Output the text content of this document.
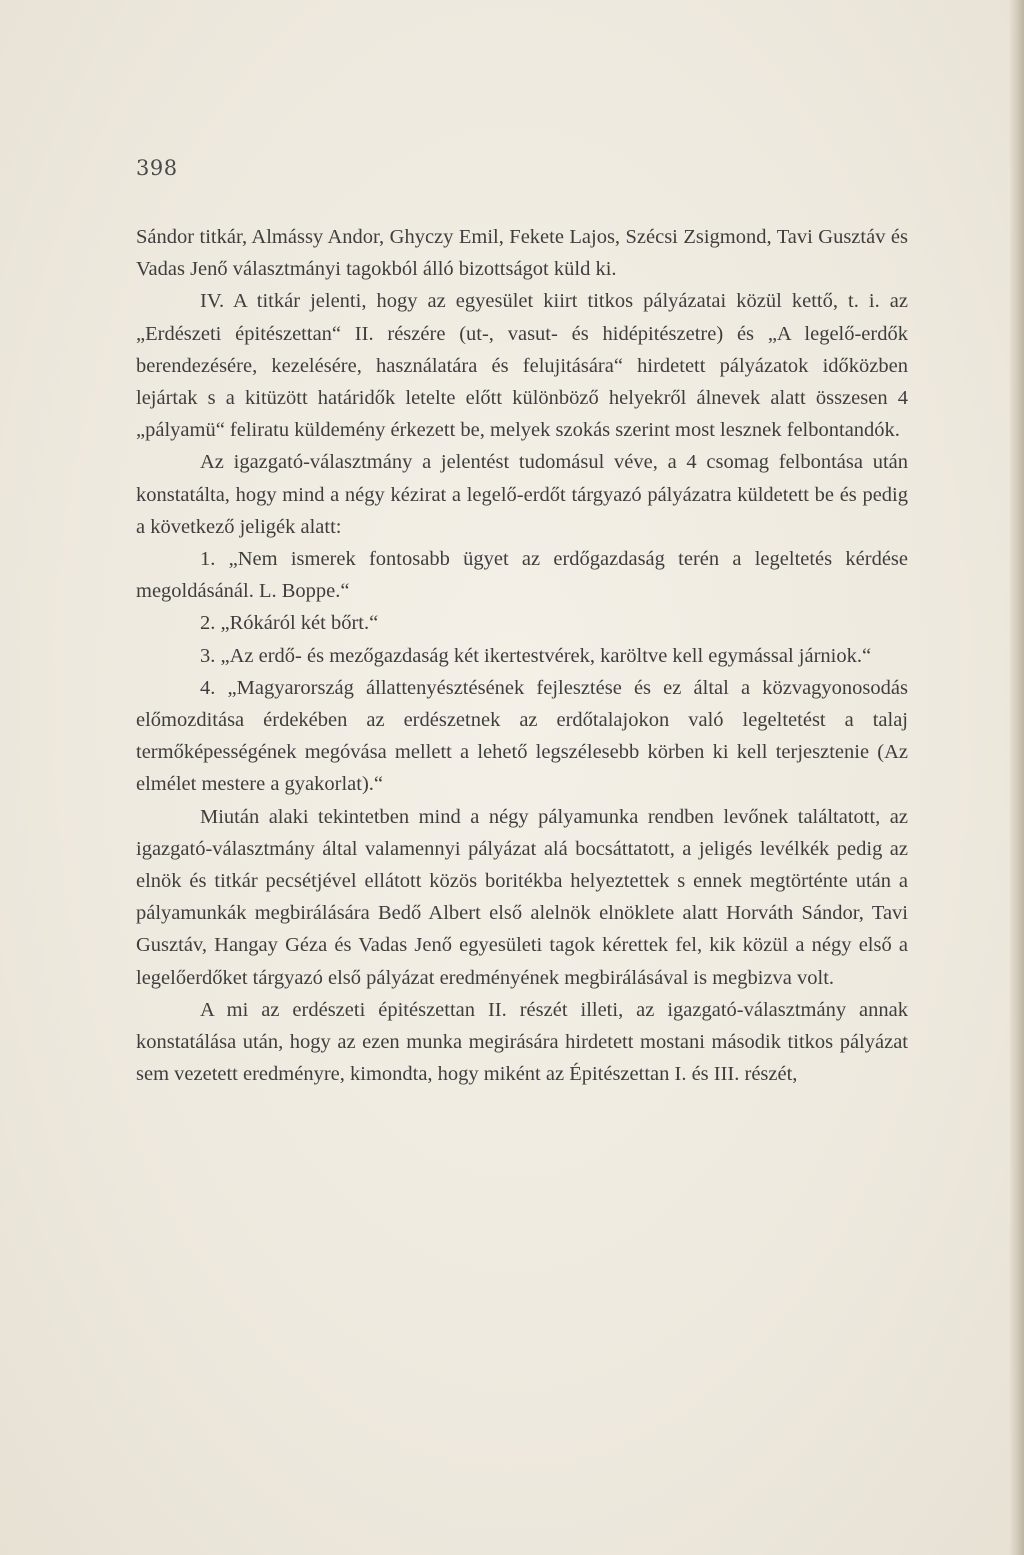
398

Sándor titkár, Almássy Andor, Ghyczy Emil, Fekete Lajos, Szécsi Zsigmond, Tavi Gusztáv és Vadas Jenő választmányi tagokból álló bizottságot küld ki.

IV. A titkár jelenti, hogy az egyesület kiirt titkos pályázatai közül kettő, t. i. az „Erdészeti épitészettan“ II. részére (ut-, vasut- és hidépitészetre) és „A legelő-erdők berendezésére, kezelésére, használatára és felujitására“ hirdetett pályázatok időközben lejártak s a kitüzött határidők letelte előtt különböző helyekről álnevek alatt összesen 4 „pályamü“ feliratu küldemény érkezett be, melyek szokás szerint most lesznek felbontandók.

Az igazgató-választmány a jelentést tudomásul véve, a 4 csomag felbontása után konstatálta, hogy mind a négy kézirat a legelő-erdőt tárgyazó pályázatra küldetett be és pedig a következő jeligék alatt:

1. „Nem ismerek fontosabb ügyet az erdőgazdaság terén a legeltetés kérdése megoldásánál. L. Boppe.“

2. „Rókáról két bőrt.“

3. „Az erdő- és mezőgazdaság két ikertestvérek, karöltve kell egymással járniok.“

4. „Magyarország állattenyésztésének fejlesztése és ez által a közvagyonosodás előmozditása érdekében az erdészetnek az erdőtalajokon való legeltetést a talaj termőképességének megóvása mellett a lehető legszélesebb körben ki kell terjesztenie (Az elmélet mestere a gyakorlat).“

Miután alaki tekintetben mind a négy pályamunka rendben levőnek találtatott, az igazgató-választmány által valamennyi pályázat alá bocsáttatott, a jeligés levélkék pedig az elnök és titkár pecsétjével ellátott közös boritékba helyeztettek s ennek megtörténte után a pályamunkák megbirálására Bedő Albert első alelnök elnöklete alatt Horváth Sándor, Tavi Gusztáv, Hangay Géza és Vadas Jenő egyesületi tagok kérettek fel, kik közül a négy első a legelőerdőket tárgyazó első pályázat eredményének megbirálásával is megbizva volt.

A mi az erdészeti épitészettan II. részét illeti, az igazgató-választmány annak konstatálása után, hogy az ezen munka megirására hirdetett mostani második titkos pályázat sem vezetett eredményre, kimondta, hogy miként az Épitészettan I. és III. részét,
